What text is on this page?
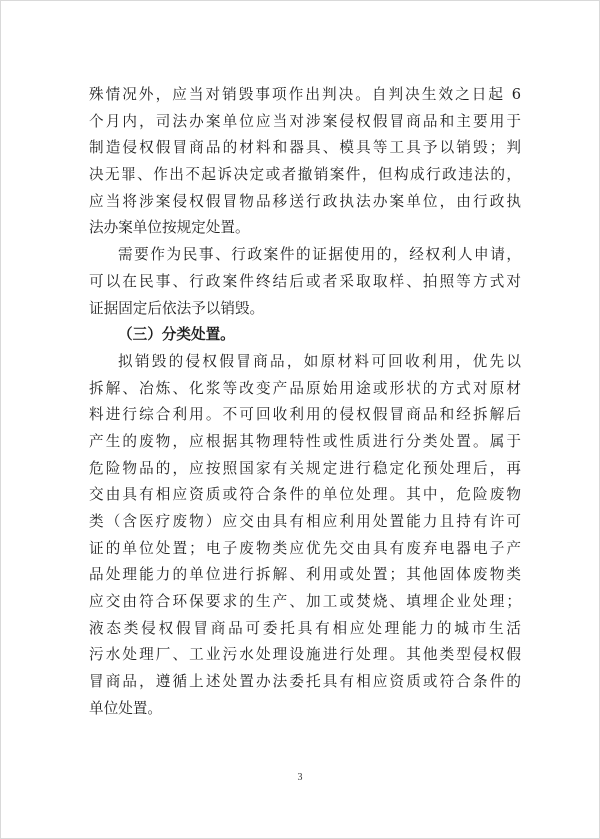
殊情况外，应当对销毁事项作出判决。自判决生效之日起 6
个月内，司法办案单位应当对涉案侵权假冒商品和主要用于
制造侵权假冒商品的材料和器具、模具等工具予以销毁；判
决无罪、作出不起诉决定或者撤销案件，但构成行政违法的，
应当将涉案侵权假冒物品移送行政执法办案单位，由行政执
法办案单位按规定处置。
需要作为民事、行政案件的证据使用的，经权利人申请，
可以在民事、行政案件终结后或者采取取样、拍照等方式对
证据固定后依法予以销毁。
（三）分类处置。
拟销毁的侵权假冒商品，如原材料可回收利用，优先以
拆解、冶炼、化浆等改变产品原始用途或形状的方式对原材
料进行综合利用。不可回收利用的侵权假冒商品和经拆解后
产生的废物，应根据其物理特性或性质进行分类处置。属于
危险物品的，应按照国家有关规定进行稳定化预处理后，再
交由具有相应资质或符合条件的单位处理。其中，危险废物
类（含医疗废物）应交由具有相应利用处置能力且持有许可
证的单位处置；电子废物类应优先交由具有废弃电器电子产
品处理能力的单位进行拆解、利用或处置；其他固体废物类
应交由符合环保要求的生产、加工或焚烧、填埋企业处理；
液态类侵权假冒商品可委托具有相应处理能力的城市生活
污水处理厂、工业污水处理设施进行处理。其他类型侵权假
冒商品，遵循上述处置办法委托具有相应资质或符合条件的
单位处置。
3
